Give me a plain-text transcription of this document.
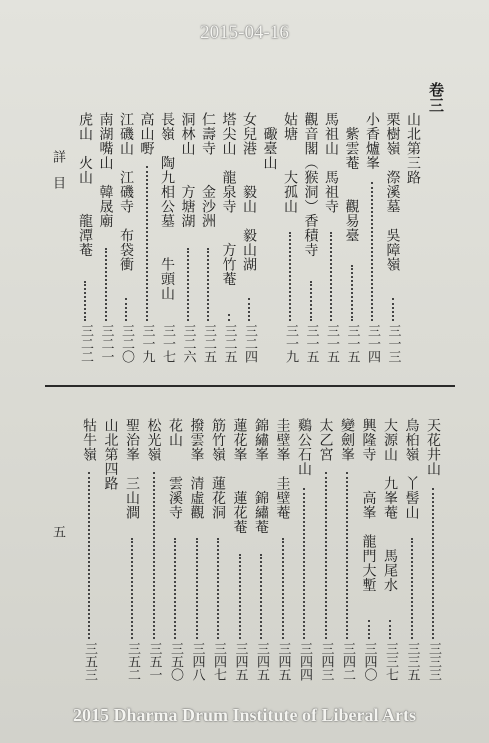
2015-04-16
卷三
山北第三路
栗樹嶺　漈溪墓　吳障嶺
三一三
小香爐峯
三一四
　紫雲菴　　觀易臺
三一五
馬祖山　馬祖寺
三一五
觀音閣（猴洞）香積寺
三一五
姑塘　　大孤山
三一九
　礮臺山　
女兒港　　毅山　毅山湖
三二四
塔尖山　龍泉寺　　方竹菴
三二五
仁壽寺　　金沙洲
三二五
洞林山　　方塘湖
三二六
長嶺　陶九相公墓　　牛頭山
三一七
高山嘢
三一九
江磯山　江磯寺　布袋衝
三二〇
南湖嘴山　韓晟廟
三二一
虎山　火山　　龍潭菴
三二二
天花井山
三三三
烏桕嶺　丫髻山
三三五
大源山　九峯菴　　馬尾水
三三七
興隆寺　　高峯　龍門大塹
三四〇
變劍峯
三四二
太乙宮
三四三
鷄公石山
三四四
圭壁峯　圭壁菴
三四五
錦繡峯　　錦繡菴
三四五
蓮花峯　　蓮花菴
三四五
筋竹嶺　蓮花洞
三四七
撥雲峯　清虛觀
三四八
花山　　雲溪寺
三五〇
松光嶺
三五一
聖治峯　三山澗
三五二
山北第四路
牯牛嶺
三五三
詳　目
五
2015 Dharma Drum Institute of Liberal Arts
